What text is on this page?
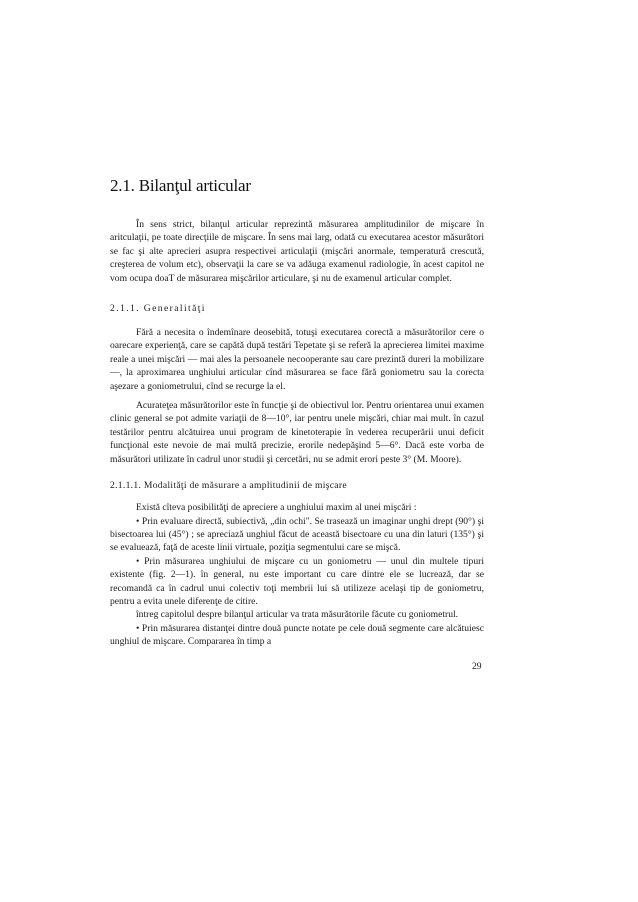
2.1. Bilanţul articular

În sens strict, bilanţul articular reprezintă măsurarea amplitudinilor de mişcare în aritculaţii, pe toate direcţiile de mişcare. În sens mai larg, odată cu executarea acestor măsurători se fac şi alte aprecieri asupra respectivei articulaţii (mişcări anormale, temperatură crescută, creşterea de volum etc), observaţii la care se va adăuga examenul radiologie, în acest capitol ne vom ocupa doaT de măsurarea mişcărilor articulare, şi nu de examenul articular complet.

2.1.1. Generalităţi

Fără a necesita o îndemînare deosebită, totuşi executarea corectă a măsurătorilor cere o oarecare experienţă, care se capătă după testări Tepetate şi se referă la aprecierea limitei maxime reale a unei mişcări — mai ales la persoanele necooperante sau care prezintă dureri la mobilizare —, la aproximarea unghiului articular cînd măsurarea se face fără goniometru sau la corecta aşezare a goniometrului, cînd se recurge la el.

Acurateţea măsurătorilor este în funcţie şi de obiectivul lor. Pentru orientarea unui examen clinic general se pot admite variaţii de 8—10°, iar pentru unele mişcări, chiar mai mult. în cazul testărilor pentru alcătuirea unui program de kinetoterapie în vederea recuperării unui deficit funcţional este nevoie de mai multă precizie, erorile nedepăşind 5—6°. Dacă este vorba de măsurători utilizate în cadrul unor studii şi cercetări, nu se admit erori peste 3° (M. Moore).

2.1.1.1. Modalităţi de măsurare a amplitudinii de mişcare

Există cîteva posibilităţi de apreciere a unghiului maxim al unei mişcări :

• Prin evaluare directă, subiectivă, „din ochi". Se trasează un imaginar unghi drept (90°) şi bisectoarea lui (45°) ; se apreciază unghiul făcut de această bisectoare cu una din laturi (135°) şi se evaluează, faţă de aceste linii virtuale, poziţia segmentului care se mişcă.

• Prin măsurarea unghiului de mişcare cu un goniometru — unul din multele tipuri existente (fig. 2—1). în general, nu este important cu care dintre ele se lucrează, dar se recomandă ca în cadrul unui colectiv toţi membrii lui să utilizeze acelaşi tip de goniometru, pentru a evita unele diferenţe de citire.

întreg capitolul despre bilanţul articular va trata măsurătorile făcute cu goniometrul.

• Prin măsurarea distanţei dintre două puncte notate pe cele două segmente care alcătuiesc unghiul de mişcare. Compararea în timp a

29
